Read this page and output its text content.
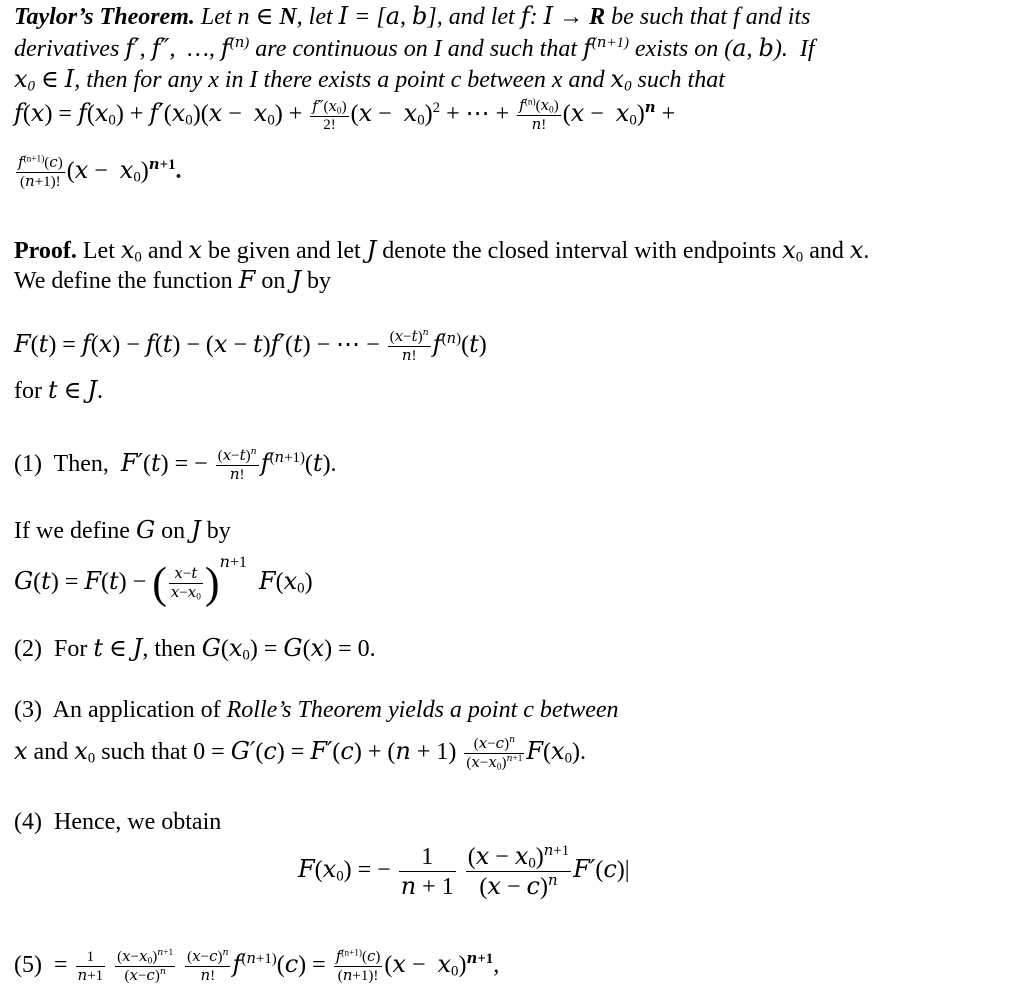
Taylor’s Theorem. Let n ∈ N, let I = [a, b], and let f: I → R be such that f and its
derivatives f′, f″,  …, $f^{(n)}$ are continuous on I and such that $f^{(n+1)}$ exists on (a, b).  If
$x_0$ ∈ I, then for any x in I there exists a point c between x and $x_0$ such that
$f(x) = f(x_0) + f'(x_0)(x - x_0) + \frac{f''(x_0)}{2!} (x - x_0)^2$ + ⋯ + $\frac{f^{(n)}(x_0)}{n!} (x - x_0)^n$ +
$\frac{f^{(n+1)}(c)}{(n+1)!} (x - x_0)^{n+1}$.
Proof. Let $x_0$ and x be given and let J denote the closed interval with endpoints $x_0$ and x.
We define the function F on J by
F(t) = f(x) − f(t) − (x − t)f′(t) − ⋯ − $\frac{(x-t)^n}{n!} f^{(n)}(t)$
for t ∈ J.
(1)  Then,  F′(t) = − $\frac{(x-t)^n}{n!} f^{(n+1)}(t)$.
If we define G on J by
G(t) = F(t) − ( $\frac{x-t}{x-x_0} )^{n+1}$  $F(x_0)$
(2)  For t ∈ J, then $G(x_0) = G(x) = 0$.
(3)  An application of Rolle’s Theorem yields a point c between
x and $x_0$ such that $0 = G'(c) = F'(c) + (n + 1) \frac{(x-c)^n}{(x-x_0)^{n+1}} F(x_0)$.
(4)  Hence, we obtain
$F(x_0)$ = − $\frac{1}{n + 1}$
$\frac{(x - x_0)^{n+1}}{(x - c)^n} F'(c)|$
$(5) = \frac{1}{n+1}$
$\frac{(x-x_0)^{n+1}}{(x-c)^n}$
$\frac{(x-c)^n}{n!} f^{(n+1)}(c) = \frac{f^{(n+1)}(c)}{(n+1)!} (x - x_0)^{n+1}$,
